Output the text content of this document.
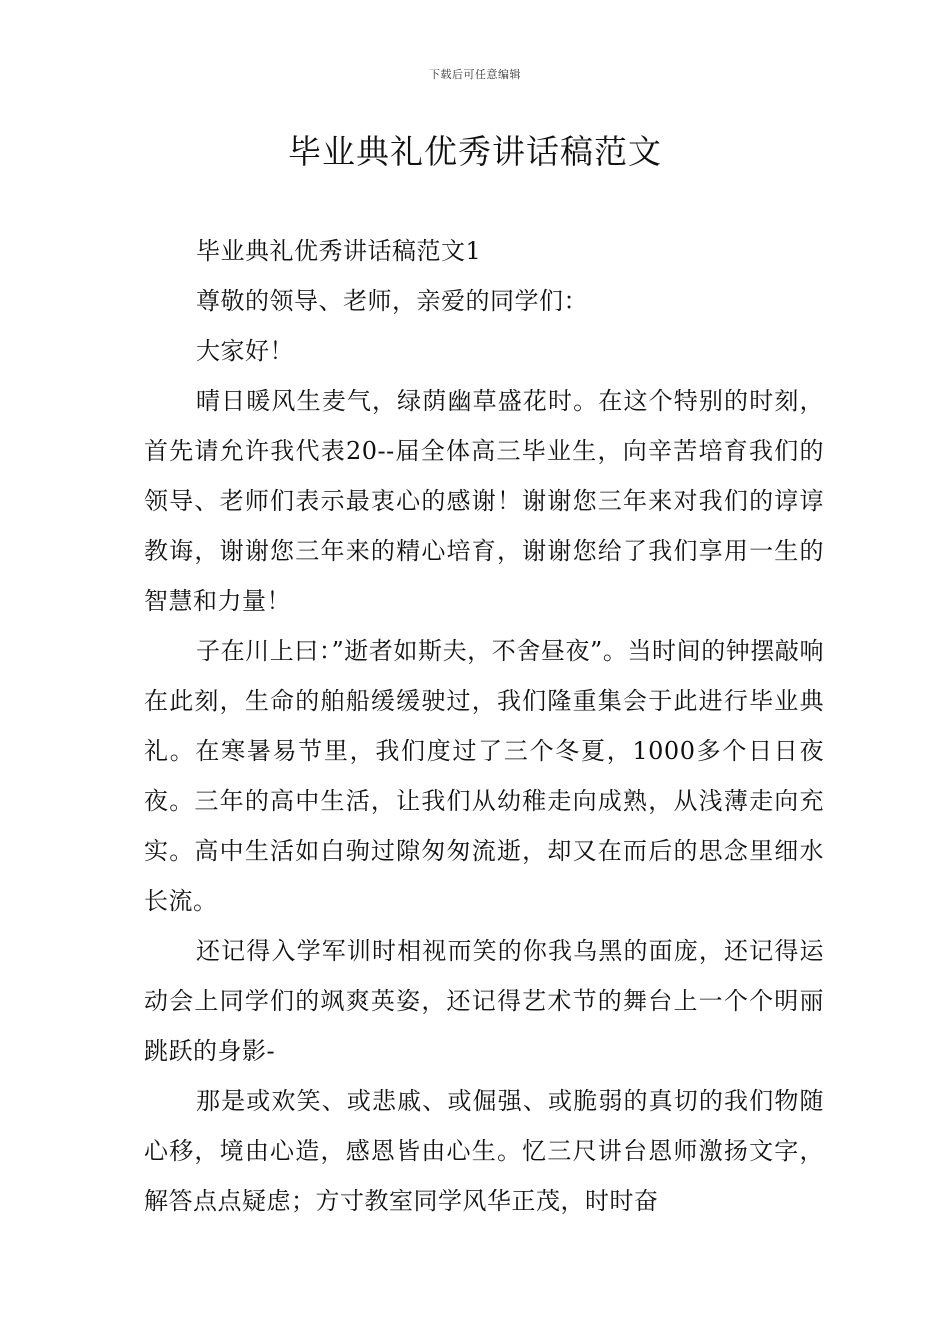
下载后可任意编辑
毕业典礼优秀讲话稿范文

毕业典礼优秀讲话稿范文1

尊敬的领导、老师，亲爱的同学们：

大家好！

晴日暖风生麦气，绿荫幽草盛花时。在这个特别的时刻，首先请允许我代表20--届全体高三毕业生，向辛苦培育我们的领导、老师们表示最衷心的感谢！谢谢您三年来对我们的谆谆教诲，谢谢您三年来的精心培育，谢谢您给了我们享用一生的智慧和力量！

子在川上曰：”逝者如斯夫，不舍昼夜”。当时间的钟摆敲响在此刻，生命的舶船缓缓驶过，我们隆重集会于此进行毕业典礼。在寒暑易节里，我们度过了三个冬夏，1000多个日日夜夜。三年的高中生活，让我们从幼稚走向成熟，从浅薄走向充实。高中生活如白驹过隙匆匆流逝，却又在而后的思念里细水长流。

还记得入学军训时相视而笑的你我乌黑的面庞，还记得运动会上同学们的飒爽英姿，还记得艺术节的舞台上一个个明丽跳跃的身影-

那是或欢笑、或悲戚、或倔强、或脆弱的真切的我们物随心移，境由心造，感恩皆由心生。忆三尺讲台恩师激扬文字，解答点点疑虑；方寸教室同学风华正茂，时时奋
